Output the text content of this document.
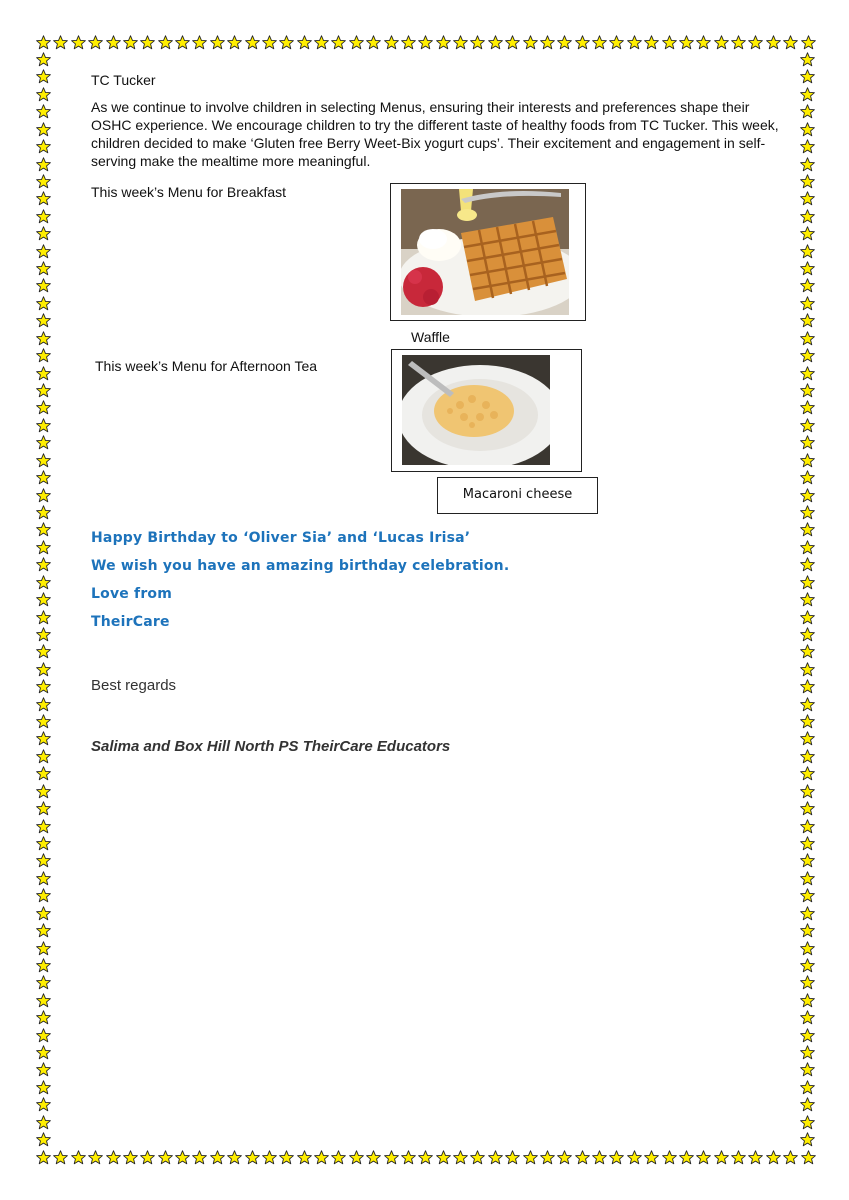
TC Tucker
As we continue to involve children in selecting Menus, ensuring their interests and preferences shape their OSHC experience. We encourage children to try the different taste of healthy foods from TC Tucker. This week, children decided to make ‘Gluten free Berry Weet-Bix yogurt cups’. Their excitement and engagement in self-serving make the mealtime more meaningful.
This week’s Menu for Breakfast
Waffle
This week’s Menu for Afternoon Tea
Macaroni cheese
Happy Birthday to ‘Oliver Sia’ and ‘Lucas Irisa’
We wish you have an amazing birthday celebration.
Love from
TheirCare
Best regards
Salima and Box Hill North PS TheirCare Educators
